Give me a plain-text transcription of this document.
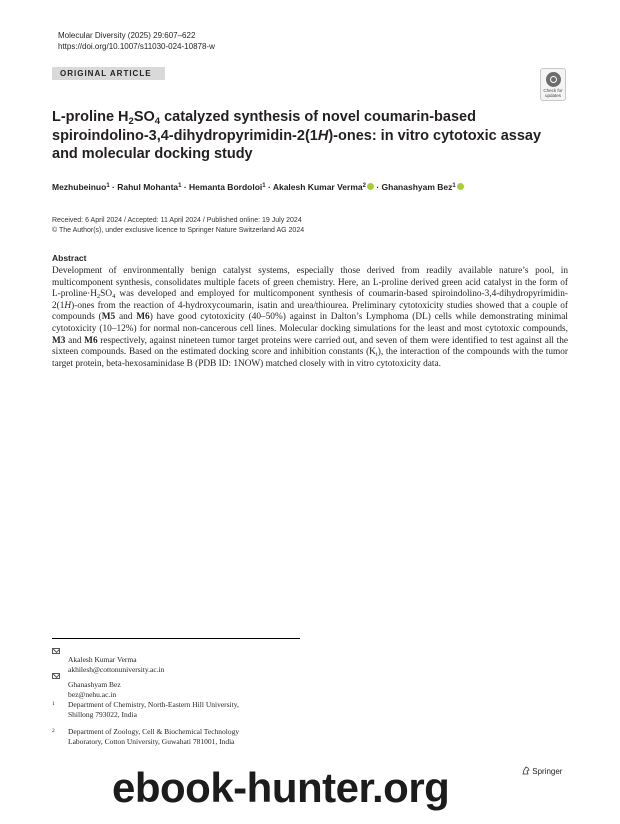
Molecular Diversity (2025) 29:607–622
https://doi.org/10.1007/s11030-024-10878-w
ORIGINAL ARTICLE
Check for updates
L-proline $H_2SO_4$ catalyzed synthesis of novel coumarin-based spiroindolino-3,4-dihydropyrimidin-2(1H)-ones: in vitro cytotoxic assay and molecular docking study
Mezhubeinuo$^1$ · Rahul Mohanta$^1$ · Hemanta Bordoloi$^1$ · Akalesh Kumar Verma$^2$ · Ghanashyam Bez$^1$
Received: 6 April 2024 / Accepted: 11 April 2024 / Published online: 19 July 2024
© The Author(s), under exclusive licence to Springer Nature Switzerland AG 2024
Abstract
Development of environmentally benign catalyst systems, especially those derived from readily available nature’s pool, in multicomponent synthesis, consolidates multiple facets of green chemistry. Here, an L-proline derived green acid catalyst in the form of $L-proline\cdot H_2SO_4$ was developed and employed for multicomponent synthesis of coumarin-based spiroindolino-3,4-dihydropyrimidin-2(1H)-ones from the reaction of 4-hydroxycoumarin, isatin and urea/thiourea. Preliminary cytotoxicity studies showed that a couple of compounds (M5 and M6) have good cytotoxicity (40–50%) against in Dalton’s Lymphoma (DL) cells while demonstrating minimal cytotoxicity (10–12%) for normal non-cancerous cell lines. Molecular docking simulations for the least and most cytotoxic compounds, M3 and M6 respectively, against nineteen tumor target proteins were carried out, and seven of them were identified to test against all the sixteen compounds. Based on the estimated docking score and inhibition constants $(K_i)$, the interaction of the compounds with the tumor target protein, beta-hexosaminidase B (PDB ID: 1NOW) matched closely with in vitro cytotoxicity data.
Akalesh Kumar Verma
akhilesh@cottonuniversity.ac.in
Ghanashyam Bez
bez@nehu.ac.in
1 Department of Chemistry, North-Eastern Hill University,
Shillong 793022, India
2 Department of Zoology, Cell & Biochemical Technology
Laboratory, Cotton University, Guwahati 781001, India
ebook-hunter.org	Springer
